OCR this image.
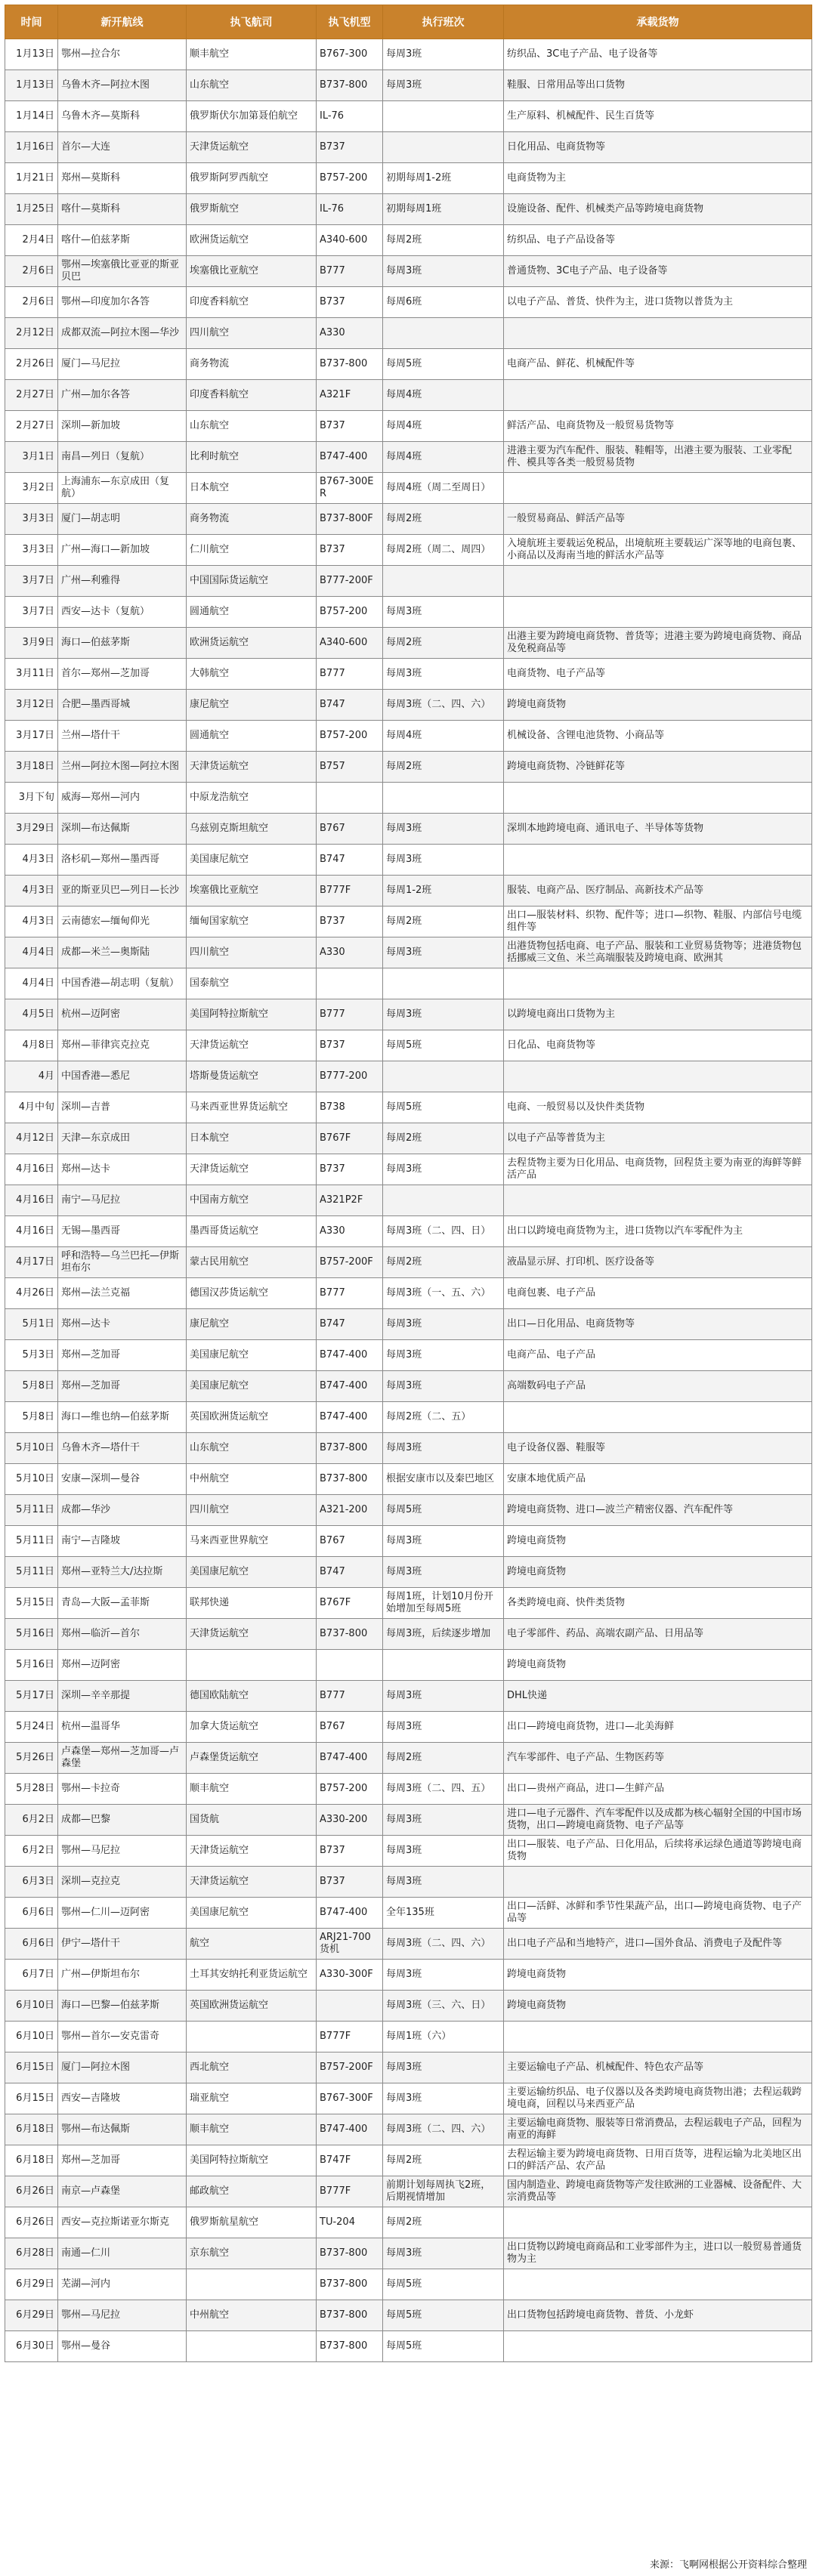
时间	新开航线	执飞航司	执飞机型	执行班次	承载货物
1月13日	鄂州—拉合尔	顺丰航空	B767-300	每周3班	纺织品、3C电子产品、电子设备等
1月13日	乌鲁木齐—阿拉木图	山东航空	B737-800	每周3班	鞋服、日常用品等出口货物
1月14日	乌鲁木齐—莫斯科	俄罗斯伏尔加第聂伯航空	IL-76		生产原料、机械配件、民生百货等
1月16日	首尔—大连	天津货运航空	B737		日化用品、电商货物等
1月21日	郑州—莫斯科	俄罗斯阿罗西航空	B757-200	初期每周1-2班	电商货物为主
1月25日	喀什—莫斯科	俄罗斯航空	IL-76	初期每周1班	设施设备、配件、机械类产品等跨境电商货物
2月4日	喀什—伯兹茅斯	欧洲货运航空	A340-600	每周2班	纺织品、电子产品设备等
2月6日	鄂州—埃塞俄比亚亚的斯亚贝巴	埃塞俄比亚航空	B777	每周3班	普通货物、3C电子产品、电子设备等
2月6日	鄂州—印度加尔各答	印度香料航空	B737	每周6班	以电子产品、普货、快件为主，进口货物以普货为主
2月12日	成都双流—阿拉木图—华沙	四川航空	A330		
2月26日	厦门—马尼拉	商务物流	B737-800	每周5班	电商产品、鲜花、机械配件等
2月27日	广州—加尔各答	印度香料航空	A321F	每周4班	
2月27日	深圳—新加坡	山东航空	B737	每周4班	鲜活产品、电商货物及一般贸易货物等
3月1日	南昌—列日（复航）	比利时航空	B747-400	每周4班	进港主要为汽车配件、服装、鞋帽等，出港主要为服装、工业零配件、模具等各类一般贸易货物
3月2日	上海浦东—东京成田（复航）	日本航空	B767-300ER	每周4班（周二至周日）	
3月3日	厦门—胡志明	商务物流	B737-800F	每周2班	一般贸易商品、鲜活产品等
3月3日	广州—海口—新加坡	仁川航空	B737	每周2班（周二、周四）	入境航班主要载运免税品，出境航班主要载运广深等地的电商包裹、小商品以及海南当地的鲜活水产品等
3月7日	广州—利雅得	中国国际货运航空	B777-200F		
3月7日	西安—达卡（复航）	圆通航空	B757-200	每周3班	
3月9日	海口—伯兹茅斯	欧洲货运航空	A340-600	每周2班	出港主要为跨境电商货物、普货等；进港主要为跨境电商货物、商品及免税商品等
3月11日	首尔—郑州—芝加哥	大韩航空	B777	每周3班	电商货物、电子产品等
3月12日	合肥—墨西哥城	康尼航空	B747	每周3班（二、四、六）	跨境电商货物
3月17日	兰州—塔什干	圆通航空	B757-200	每周4班	机械设备、含锂电池货物、小商品等
3月18日	兰州—阿拉木图—阿拉木图	天津货运航空	B757	每周2班	跨境电商货物、冷链鲜花等
3月下旬	威海—郑州—河内	中原龙浩航空			
3月29日	深圳—布达佩斯	乌兹别克斯坦航空	B767	每周3班	深圳本地跨境电商、通讯电子、半导体等货物
4月3日	洛杉矶—郑州—墨西哥	美国康尼航空	B747	每周3班	
4月3日	亚的斯亚贝巴—列日—长沙	埃塞俄比亚航空	B777F	每周1-2班	服装、电商产品、医疗制品、高新技术产品等
4月3日	云南德宏—缅甸仰光	缅甸国家航空	B737	每周2班	出口—服装材料、织物、配件等；进口—织物、鞋服、内部信号电缆组件等
4月4日	成都—米兰—奥斯陆	四川航空	A330	每周3班	出港货物包括电商、电子产品、服装和工业贸易货物等；进港货物包括挪威三文鱼、米兰高端服装及跨境电商、欧洲其
4月4日	中国香港—胡志明（复航）	国泰航空			
4月5日	杭州—迈阿密	美国阿特拉斯航空	B777	每周3班	以跨境电商出口货物为主
4月8日	郑州—菲律宾克拉克	天津货运航空	B737	每周5班	日化品、电商货物等
4月	中国香港—悉尼	塔斯曼货运航空	B777-200		
4月中旬	深圳—吉普	马来西亚世界货运航空	B738	每周5班	电商、一般贸易以及快件类货物
4月12日	天津—东京成田	日本航空	B767F	每周2班	以电子产品等普货为主
4月16日	郑州—达卡	天津货运航空	B737	每周3班	去程货物主要为日化用品、电商货物，回程货主要为南亚的海鲜等鲜活产品
4月16日	南宁—马尼拉	中国南方航空	A321P2F		
4月16日	无锡—墨西哥	墨西哥货运航空	A330	每周3班（二、四、日）	出口以跨境电商货物为主，进口货物以汽车零配件为主
4月17日	呼和浩特—乌兰巴托—伊斯坦布尔	蒙古民用航空	B757-200F	每周2班	液晶显示屏、打印机、医疗设备等
4月26日	郑州—法兰克福	德国汉莎货运航空	B777	每周3班（一、五、六）	电商包裹、电子产品
5月1日	郑州—达卡	康尼航空	B747	每周3班	出口—日化用品、电商货物等
5月3日	郑州—芝加哥	美国康尼航空	B747-400	每周3班	电商产品、电子产品
5月8日	郑州—芝加哥	美国康尼航空	B747-400	每周3班	高端数码电子产品
5月8日	海口—维也纳—伯兹茅斯	英国欧洲货运航空	B747-400	每周2班（二、五）	
5月10日	乌鲁木齐—塔什干	山东航空	B737-800	每周3班	电子设备仪器、鞋服等
5月10日	安康—深圳—曼谷	中州航空	B737-800	根据安康市以及秦巴地区	安康本地优质产品
5月11日	成都—华沙	四川航空	A321-200	每周5班	跨境电商货物、进口—波兰产精密仪器、汽车配件等
5月11日	南宁—吉隆坡	马来西亚世界航空	B767	每周3班	跨境电商货物
5月11日	郑州—亚特兰大/达拉斯	美国康尼航空	B747	每周3班	跨境电商货物
5月15日	青岛—大阪—孟菲斯	联邦快递	B767F	每周1班，计划10月份开始增加至每周5班	各类跨境电商、快件类货物
5月16日	郑州—临沂—首尔	天津货运航空	B737-800	每周3班，后续逐步增加	电子零部件、药品、高端农副产品、日用品等
5月16日	郑州—迈阿密				跨境电商货物
5月17日	深圳—辛辛那提	德国欧陆航空	B777	每周3班	DHL快递
5月24日	杭州—温哥华	加拿大货运航空	B767	每周3班	出口—跨境电商货物，进口—北美海鲜
5月26日	卢森堡—郑州—芝加哥—卢森堡	卢森堡货运航空	B747-400	每周2班	汽车零部件、电子产品、生物医药等
5月28日	鄂州—卡拉奇	顺丰航空	B757-200	每周3班（二、四、五）	出口—贵州产商品，进口—生鲜产品
6月2日	成都—巴黎	国货航	A330-200	每周3班	进口—电子元器件、汽车零配件以及成都为核心辐射全国的中国市场货物，出口—跨境电商货物、电子产品等
6月2日	鄂州—马尼拉	天津货运航空	B737	每周3班	出口—服装、电子产品、日化用品，后续将承运绿色通道等跨境电商货物
6月3日	深圳—克拉克	天津货运航空	B737	每周3班	
6月6日	鄂州—仁川—迈阿密	美国康尼航空	B747-400	全年135班	出口—活鲜、冰鲜和季节性果蔬产品，出口—跨境电商货物、电子产品等
6月6日	伊宁—塔什干	航空	ARJ21-700货机	每周3班（二、四、六）	出口电子产品和当地特产，进口—国外食品、消费电子及配件等
6月7日	广州—伊斯坦布尔	土耳其安纳托利亚货运航空	A330-300F	每周3班	跨境电商货物
6月10日	海口—巴黎—伯兹茅斯	英国欧洲货运航空		每周3班（三、六、日）	跨境电商货物
6月10日	鄂州—首尔—安克雷奇		B777F	每周1班（六）	
6月15日	厦门—阿拉木图	西北航空	B757-200F	每周3班	主要运输电子产品、机械配件、特色农产品等
6月15日	西安—吉隆坡	瑞亚航空	B767-300F	每周3班	主要运输纺织品、电子仪器以及各类跨境电商货物出港；去程运载跨境电商，回程以马来西亚产品
6月18日	鄂州—布达佩斯	顺丰航空	B747-400	每周3班（二、四、六）	主要运输电商货物、服装等日常消费品，去程运载电子产品，回程为南亚的海鲜
6月18日	郑州—芝加哥	美国阿特拉斯航空	B747F	每周2班	去程运输主要为跨境电商货物、日用百货等，进程运输为北美地区出口的鲜活产品、农产品
6月26日	南京—卢森堡	邮政航空	B777F	前期计划每周执飞2班，后期视情增加	国内制造业、跨境电商货物等产发往欧洲的工业器械、设备配件、大宗消费品等
6月26日	西安—克拉斯诺亚尔斯克	俄罗斯航星航空	TU-204	每周2班	
6月28日	南通—仁川	京东航空	B737-800	每周3班	出口货物以跨境电商商品和工业零部件为主，进口以一般贸易普通货物为主
6月29日	芜湖—河内		B737-800	每周5班	
6月29日	鄂州—马尼拉	中州航空	B737-800	每周5班	出口货物包括跨境电商货物、普货、小龙虾
6月30日	鄂州—曼谷		B737-800	每周5班	
来源：飞啊网根据公开资料综合整理
